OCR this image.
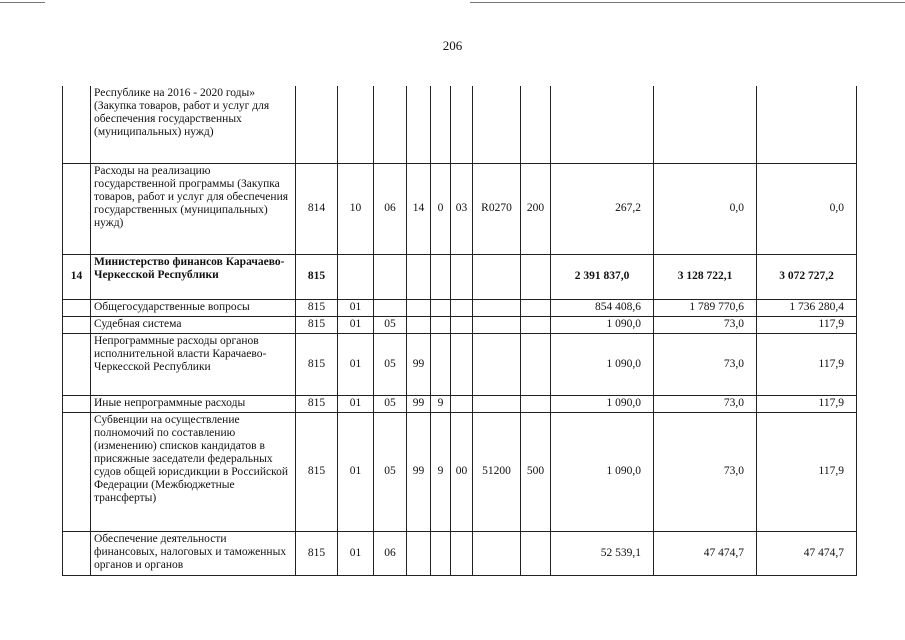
206
	Республике на 2016 - 2020 годы» (Закупка товаров, работ и услуг для обеспечения государственных (муниципальных) нужд)											
	Расходы на реализацию государственной программы (Закупка товаров, работ и услуг для обеспечения государственных (муниципальных) нужд)	814	10	06	14	0	03	R0270	200	267,2	0,0	0,0
14	Министерство финансов Карачаево-Черкесской Республики	815								2 391 837,0	3 128 722,1	3 072 727,2
	Общегосударственные вопросы	815	01							854 408,6	1 789 770,6	1 736 280,4
	Судебная система	815	01	05						1 090,0	73,0	117,9
	Непрограммные расходы органов исполнительной власти Карачаево-Черкесской Республики	815	01	05	99					1 090,0	73,0	117,9
	Иные непрограммные расходы	815	01	05	99	9				1 090,0	73,0	117,9
	Субвенции на осуществление полномочий по составлению (изменению) списков кандидатов в присяжные заседатели федеральных судов общей юрисдикции в Российской Федерации (Межбюджетные трансферты)	815	01	05	99	9	00	51200	500	1 090,0	73,0	117,9
	Обеспечение деятельности финансовых, налоговых и таможенных органов и органов	815	01	06						52 539,1	47 474,7	47 474,7
